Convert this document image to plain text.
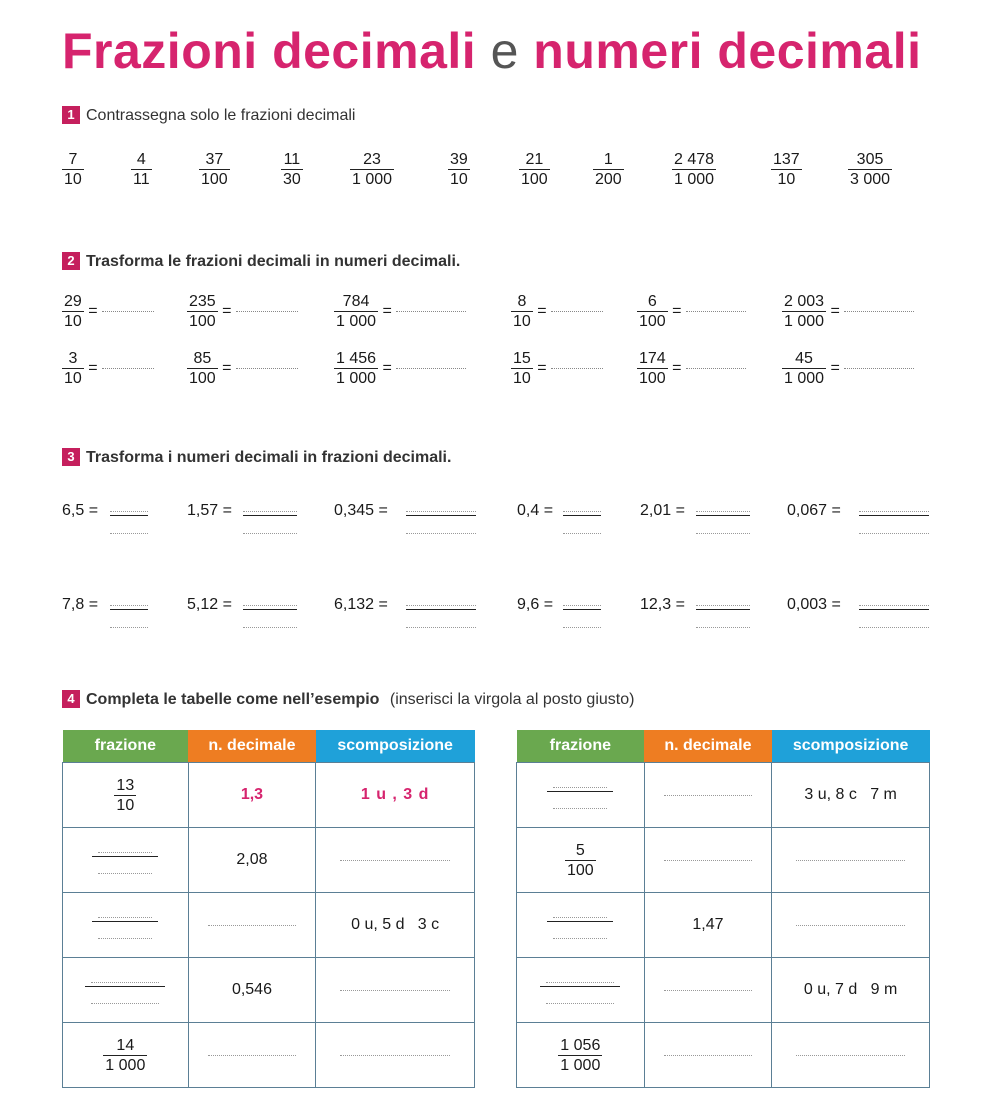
Frazioni decimali e numeri decimali
1 Contrassegna solo le frazioni decimali
$\frac{7}{10}$	$\frac{4}{11}$	$\frac{37}{100}$	$\frac{11}{30}$	$\frac{23}{1 000}$	$\frac{39}{10}$	$\frac{21}{100}$	$\frac{1}{200}$	$\frac{2 478}{1 000}$	$\frac{137}{10}$	$\frac{305}{3 000}$
2 Trasforma le frazioni decimali in numeri decimali.
$\frac{29}{10}$ =	$\frac{235}{100}$ =	$\frac{784}{1 000}$ =	$\frac{8}{10}$ =	$\frac{6}{100}$ =	$\frac{2 003}{1 000}$ =
$\frac{3}{10}$ =	$\frac{85}{100}$ =	$\frac{1 456}{1 000}$ =	$\frac{15}{10}$ =	$\frac{174}{100}$ =	$\frac{45}{1 000}$ =
3 Trasforma i numeri decimali in frazioni decimali.
6,5 =	1,57 =	0,345 =	0,4 =	2,01 =	0,067 =
7,8 =	5,12 =	6,132 =	9,6 =	12,3 =	0,003 =
4 Completa le tabelle come nell’esempio (inserisci la virgola al posto giusto)
frazione	n. decimale	scomposizione

$\frac{13}{10}$	1,3	1 u , 3 d

	2,08	

		0 u, 5 d   3 c

	0,546	

$\frac{14}{1 000}$

frazione	n. decimale	scomposizione

		3 u, 8 c   7 m

$\frac{5}{100}$

	1,47	

		0 u, 7 d   9 m

$\frac{1 056}{1 000}$
